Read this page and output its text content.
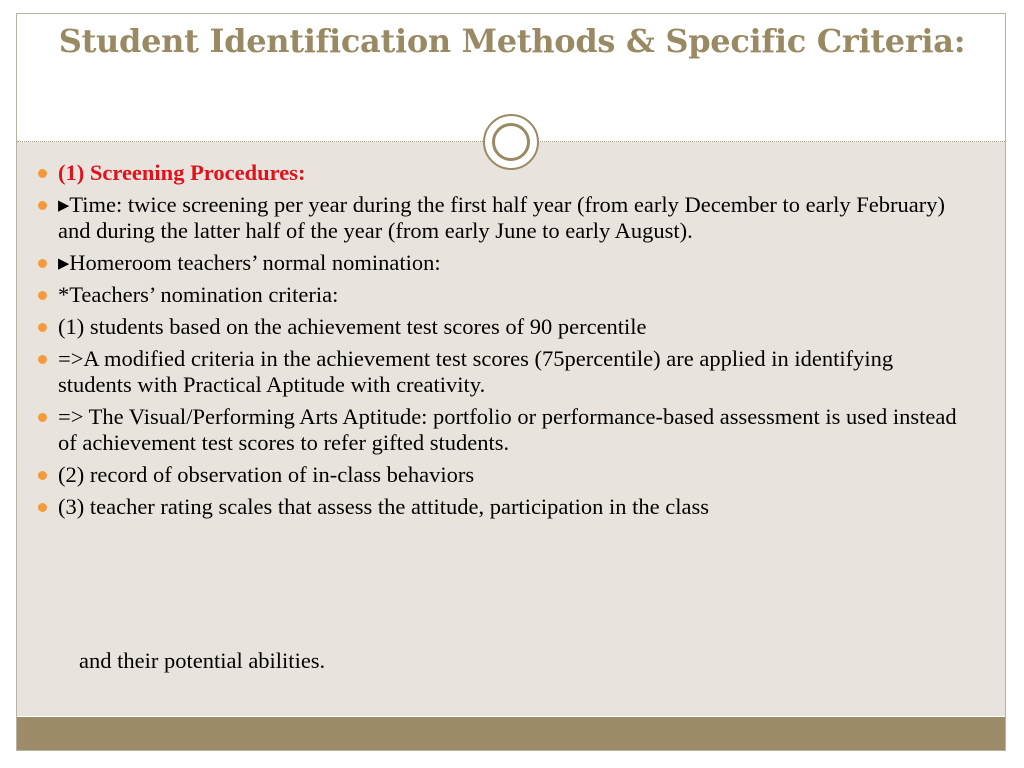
Student Identification Methods & Specific Criteria:
(1) Screening Procedures:
▸Time: twice screening per year during the first half year (from early December to early February) and during the latter half of the year (from early June to early August).
▸Homeroom teachers’ normal nomination:
*Teachers’ nomination criteria:
(1) students based on the achievement test scores of 90 percentile
=>A modified criteria in the achievement test scores (75percentile) are applied in identifying students with Practical Aptitude with creativity.
=> The Visual/Performing Arts Aptitude: portfolio or performance-based assessment is used instead of achievement test scores to refer gifted students.
(2) record of observation of in-class behaviors
(3) teacher rating scales that assess the attitude, participation in the class
and their potential abilities.
